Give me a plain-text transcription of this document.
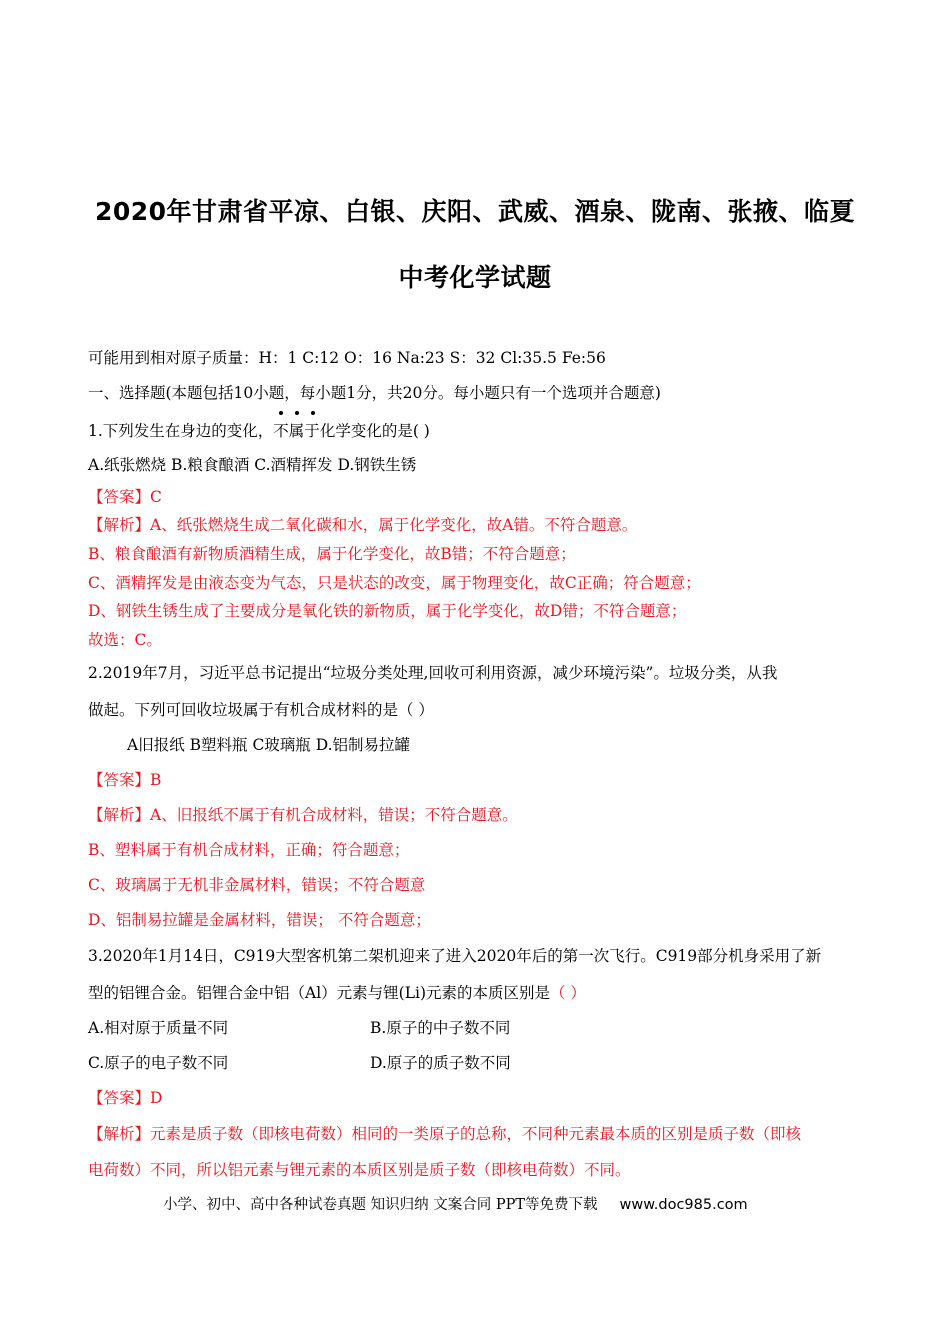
2020年甘肃省平凉、白银、庆阳、武威、酒泉、陇南、张掖、临夏
中考化学试题
可能用到相对原子质量：H：1 C:12 O：16 Na:23 S：32 Cl:35.5 Fe:56
一、选择题(本题包括10小题，每小题1分，共20分。每小题只有一个选项并合题意)
1.下列发生在身边的变化，不属于
化学变化的是( )
A.纸张燃烧 B.粮食酿酒 C.酒精挥发 D.钢铁生锈
【答案】C
【解析】A、纸张燃烧生成二氧化碳和水，属于化学变化，故A错。不符合题意。
B、粮食酿酒有新物质酒精生成，属于化学变化，故B错；不符合题意；
C、酒精挥发是由液态变为气态，只是状态的改变，属于物理变化，故C正确；符合题意；
D、钢铁生锈生成了主要成分是氧化铁的新物质，属于化学变化，故D错；不符合题意；
故选：C。
2.2019年7月，习近平总书记提出“垃圾分类处理,回收可利用资源，减少环境污染”。垃圾分类，从我
做起。下列可回收垃圾属于有机合成材料的是（ ）
A旧报纸 B塑料瓶 C玻璃瓶 D.铝制易拉罐
【答案】B
【解析】A、旧报纸不属于有机合成材料，错误；不符合题意。
B、塑料属于有机合成材料，正确；符合题意；
C、玻璃属于无机非金属材料，错误；不符合题意
D、铝制易拉罐是金属材料，错误； 不符合题意；
3.2020年1月14日，C919大型客机第二架机迎来了进入2020年后的第一次飞行。C919部分机身采用了新
型的铝锂合金。铝锂合金中铝（Al）元素与锂(Li)元素的本质区别是（ ）
A.相对原于质量不同	B.原子的中子数不同
C.原子的电子数不同	D.原子的质子数不同
【答案】D
【解析】元素是质子数（即核电荷数）相同的一类原子的总称，不同种元素最本质的区别是质子数（即核
电荷数）不同，所以铝元素与锂元素的本质区别是质子数（即核电荷数）不同。
小学、初中、高中各种试卷真题 知识归纳 文案合同 PPT等免费下载 www.doc985.com
